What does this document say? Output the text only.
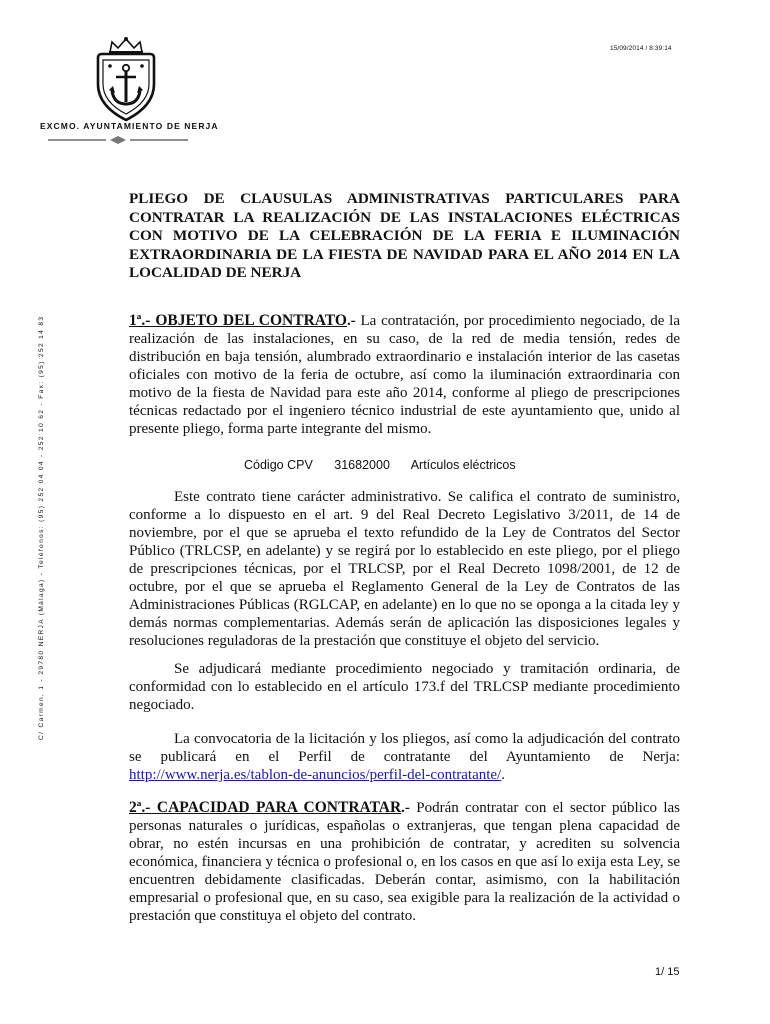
15/09/2014 / 8:39:14
EXCMO. AYUNTAMIENTO DE NERJA
C/ Carmen, 1 - 29780 NERJA (Málaga) - Teléfonos: (95) 252 04 04 - 252 10 62 - Fax: (95) 252 14 83
PLIEGO DE CLAUSULAS ADMINISTRATIVAS PARTICULARES PARA CONTRATAR LA REALIZACIÓN DE LAS INSTALACIONES ELÉCTRICAS CON MOTIVO DE LA CELEBRACIÓN DE LA FERIA E ILUMINACIÓN EXTRAORDINARIA DE LA FIESTA DE NAVIDAD PARA EL AÑO 2014 EN LA LOCALIDAD DE NERJA

1ª.- OBJETO DEL CONTRATO.- La contratación, por procedimiento negociado, de la realización de las instalaciones, en su caso, de la red de media tensión, redes de distribución en baja tensión, alumbrado extraordinario e instalación interior de las casetas oficiales con motivo de la feria de octubre, así como la iluminación extraordinaria con motivo de la fiesta de Navidad para este año 2014, conforme al pliego de prescripciones técnicas redactado por el ingeniero técnico industrial de este ayuntamiento que, unido al presente pliego, forma parte integrante del mismo.

Código CPV 31682000 Artículos eléctricos

Este contrato tiene carácter administrativo. Se califica el contrato de suministro, conforme a lo dispuesto en el art. 9 del Real Decreto Legislativo 3/2011, de 14 de noviembre, por el que se aprueba el texto refundido de la Ley de Contratos del Sector Público (TRLCSP, en adelante) y se regirá por lo establecido en este pliego, por el pliego de prescripciones técnicas, por el TRLCSP, por el Real Decreto 1098/2001, de 12 de octubre, por el que se aprueba el Reglamento General de la Ley de Contratos de las Administraciones Públicas (RGLCAP, en adelante) en lo que no se oponga a la citada ley y demás normas complementarias. Además serán de aplicación las disposiciones legales y resoluciones reguladoras de la prestación que constituye el objeto del servicio.

Se adjudicará mediante procedimiento negociado y tramitación ordinaria, de conformidad con lo establecido en el artículo 173.f del TRLCSP mediante procedimiento negociado.

La convocatoria de la licitación y los pliegos, así como la adjudicación del contrato se publicará en el Perfil de contratante del Ayuntamiento de Nerja: http://www.nerja.es/tablon-de-anuncios/perfil-del-contratante/.

2ª.- CAPACIDAD PARA CONTRATAR.- Podrán contratar con el sector público las personas naturales o jurídicas, españolas o extranjeras, que tengan plena capacidad de obrar, no estén incursas en una prohibición de contratar, y acrediten su solvencia económica, financiera y técnica o profesional o, en los casos en que así lo exija esta Ley, se encuentren debidamente clasificadas. Deberán contar, asimismo, con la habilitación empresarial o profesional que, en su caso, sea exigible para la realización de la actividad o prestación que constituya el objeto del contrato.

1/ 15
